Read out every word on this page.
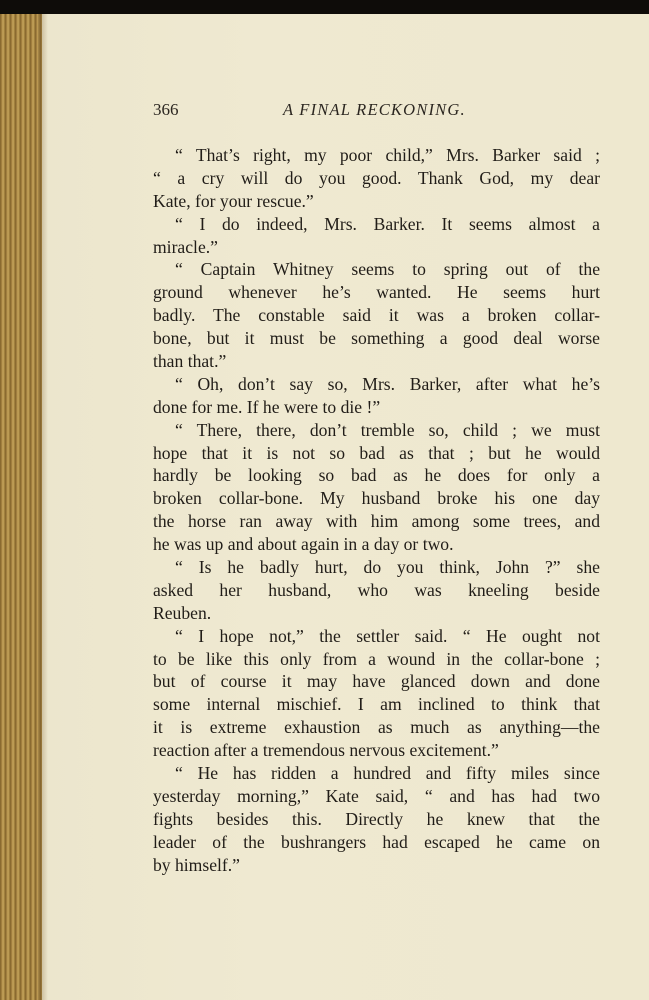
366	A FINAL RECKONING.
“ That’s right, my poor child,” Mrs. Barker said ;
“ a cry will do you good. Thank God, my dear
Kate, for your rescue.”
“ I do indeed, Mrs. Barker. It seems almost a
miracle.”
“ Captain Whitney seems to spring out of the
ground whenever he’s wanted. He seems hurt
badly. The constable said it was a broken collar-
bone, but it must be something a good deal worse
than that.”
“ Oh, don’t say so, Mrs. Barker, after what he’s
done for me. If he were to die !”
“ There, there, don’t tremble so, child ; we must
hope that it is not so bad as that ; but he would
hardly be looking so bad as he does for only a
broken collar-bone. My husband broke his one day
the horse ran away with him among some trees, and
he was up and about again in a day or two.
“ Is he badly hurt, do you think, John ?” she
asked her husband, who was kneeling beside
Reuben.
“ I hope not,” the settler said. “ He ought not
to be like this only from a wound in the collar-bone ;
but of course it may have glanced down and done
some internal mischief. I am inclined to think that
it is extreme exhaustion as much as anything—the
reaction after a tremendous nervous excitement.”
“ He has ridden a hundred and fifty miles since
yesterday morning,” Kate said, “ and has had two
fights besides this. Directly he knew that the
leader of the bushrangers had escaped he came on
by himself.”
